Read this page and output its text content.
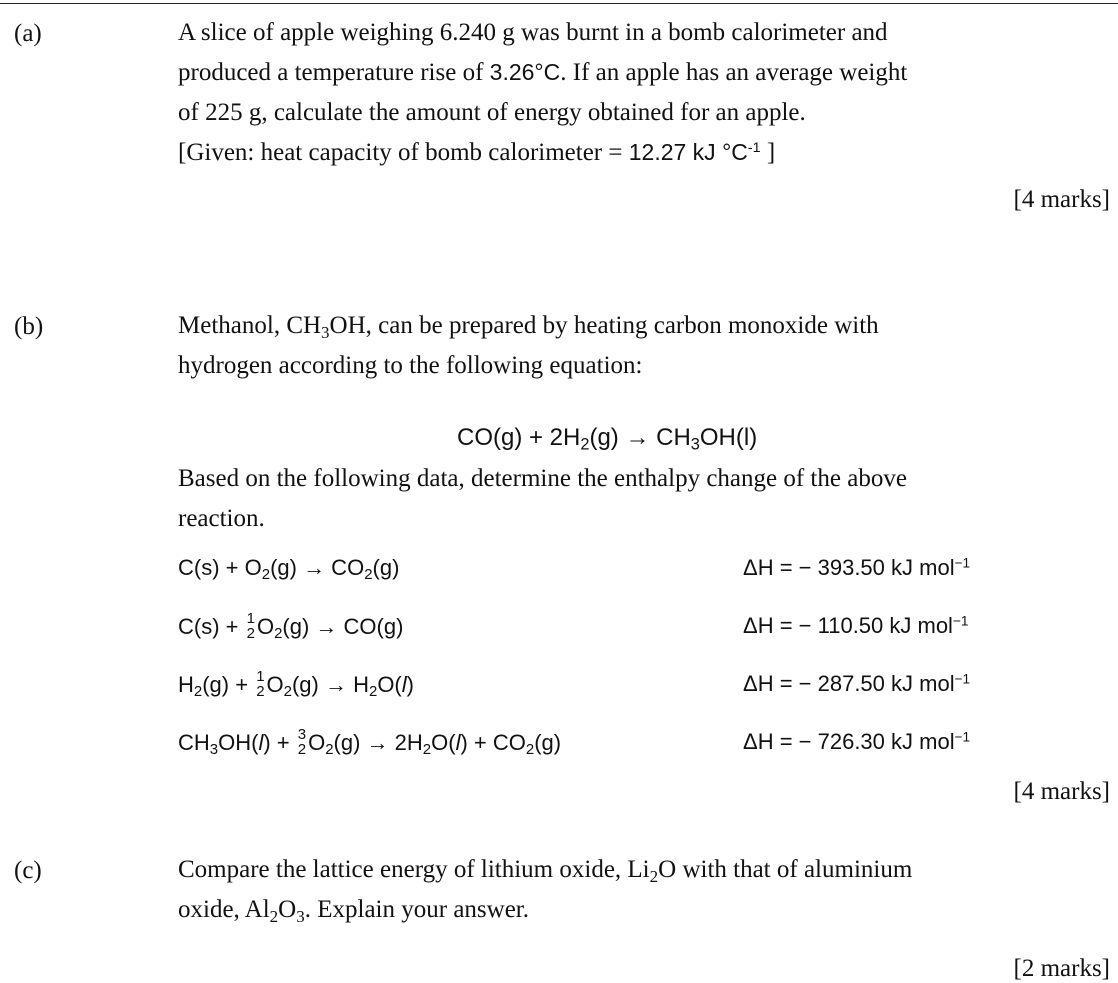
(a)	A slice of apple weighing 6.240 g was burnt in a bomb calorimeter and
produced a temperature rise of 3.26°C. If an apple has an average weight
of 225 g, calculate the amount of energy obtained for an apple.
[Given: heat capacity of bomb calorimeter = 12.27 kJ $^\circ C^{-1}$ ]
[4 marks]
(b)	Methanol, $CH_3OH$, can be prepared by heating carbon monoxide with
hydrogen according to the following equation:
$CO(g) + 2H_2(g) \to CH_3OH(l)$
Based on the following data, determine the enthalpy change of the above
reaction.
$C(s) + O_2(g) \to CO_2(g)$	ΔH = − 393.50 kJ mol$^{-1}$
C(s) + 1
2 $O_2(g) \to CO(g)$	ΔH = − 110.50 kJ mol$^{-1}$
$H_2(g) + 1$
2 $O_2(g) \to H_2O(l)$	ΔH = − 287.50 kJ mol$^{-1}$
$CH_3OH(l) + 3$
2 $O_2(g) \to 2H_2O(l) + CO_2(g)$	ΔH = − 726.30 kJ mol$^{-1}$
[4 marks]
(c)	Compare the lattice energy of lithium oxide, $Li_2O$ with that of aluminium
oxide, $Al_2O_3$. Explain your answer.
[2 marks]
